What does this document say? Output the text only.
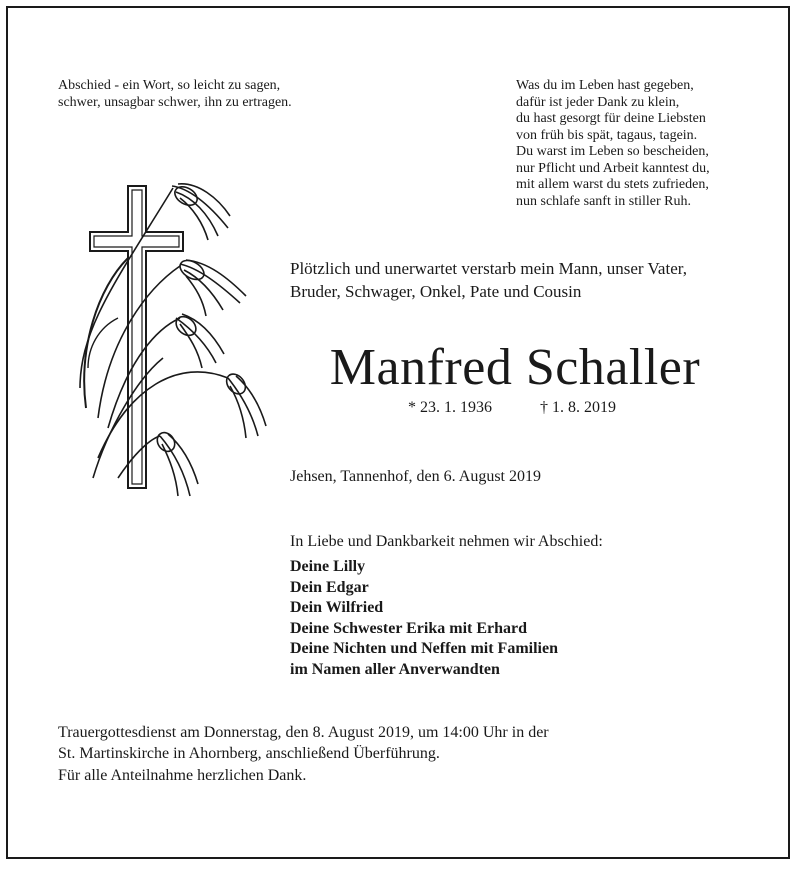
Abschied - ein Wort, so leicht zu sagen,
schwer, unsagbar schwer, ihn zu ertragen.
Was du im Leben hast gegeben,
dafür ist jeder Dank zu klein,
du hast gesorgt für deine Liebsten
von früh bis spät, tagaus, tagein.
Du warst im Leben so bescheiden,
nur Pflicht und Arbeit kanntest du,
mit allem warst du stets zufrieden,
nun schlafe sanft in stiller Ruh.
Plötzlich und unerwartet verstarb mein Mann, unser Vater,
Bruder, Schwager, Onkel, Pate und Cousin
Manfred Schaller
* 23. 1. 1936	† 1. 8. 2019
Jehsen, Tannenhof, den 6. August 2019
In Liebe und Dankbarkeit nehmen wir Abschied:
Deine Lilly
Dein Edgar
Dein Wilfried
Deine Schwester Erika mit Erhard
Deine Nichten und Neffen mit Familien
im Namen aller Anverwandten
Trauergottesdienst am Donnerstag, den 8. August 2019, um 14:00 Uhr in der
St. Martinskirche in Ahornberg, anschließend Überführung.
Für alle Anteilnahme herzlichen Dank.
